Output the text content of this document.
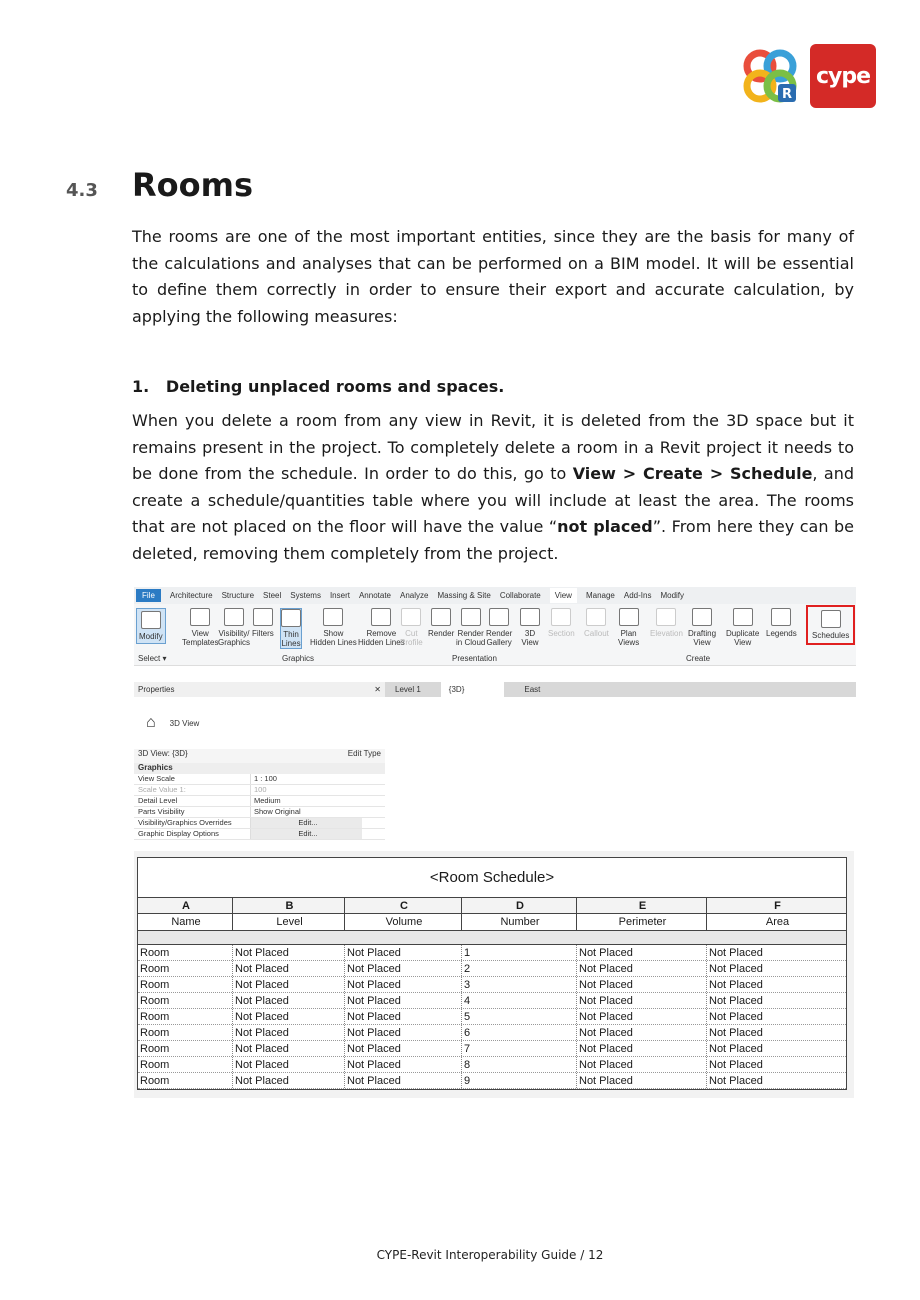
R
cype
4.3 Rooms
The rooms are one of the most important entities, since they are the basis for many of the calculations and analyses that can be performed on a BIM model. It will be essential to define them correctly in order to ensure their export and accurate calculation, by applying the following measures:
1.   Deleting unplaced rooms and spaces.
When you delete a room from any view in Revit, it is deleted from the 3D space but it remains present in the project. To completely delete a room in a Revit project it needs to be done from the schedule. In order to do this, go to View > Create > Schedule, and create a schedule/quantities table where you will include at least the area. The rooms that are not placed on the floor will have the value “not placed”. From here they can be deleted, removing them completely from the project.
File	Architecture Structure Steel Systems Insert Annotate Analyze Massing & Site Collaborate	View	Manage Add-Ins Modify
Select ▾	Graphics	Presentation	Create
Modify	View
Templates
Visibility/
Graphics
Filters Thin
Lines
Show
Hidden Lines
Remove
Hidden Lines
Cut
Profile
Render Render
in Cloud
Render
Gallery
3D
View
Section Callout	Plan
Views
Elevation Drafting
View
Duplicate
View
Legends Schedules
Properties	✕
⌂ 3D View
3D View: {3D}	Edit Type
Graphics
View Scale	1 : 100
Scale Value 1:	100
Detail Level	Medium
Parts Visibility	Show Original
Visibility/Graphics Overrides	Edit...
Graphic Display Options	Edit...
Level 1	{3D}	East
<Room Schedule>
A	B	C	D	E	F
Name	Level	Volume	Number	Perimeter	Area
Room	Not Placed	Not Placed	1	Not Placed	Not Placed
Room	Not Placed	Not Placed	2	Not Placed	Not Placed
Room	Not Placed	Not Placed	3	Not Placed	Not Placed
Room	Not Placed	Not Placed	4	Not Placed	Not Placed
Room	Not Placed	Not Placed	5	Not Placed	Not Placed
Room	Not Placed	Not Placed	6	Not Placed	Not Placed
Room	Not Placed	Not Placed	7	Not Placed	Not Placed
Room	Not Placed	Not Placed	8	Not Placed	Not Placed
Room	Not Placed	Not Placed	9	Not Placed	Not Placed
CYPE-Revit Interoperability Guide / 12
